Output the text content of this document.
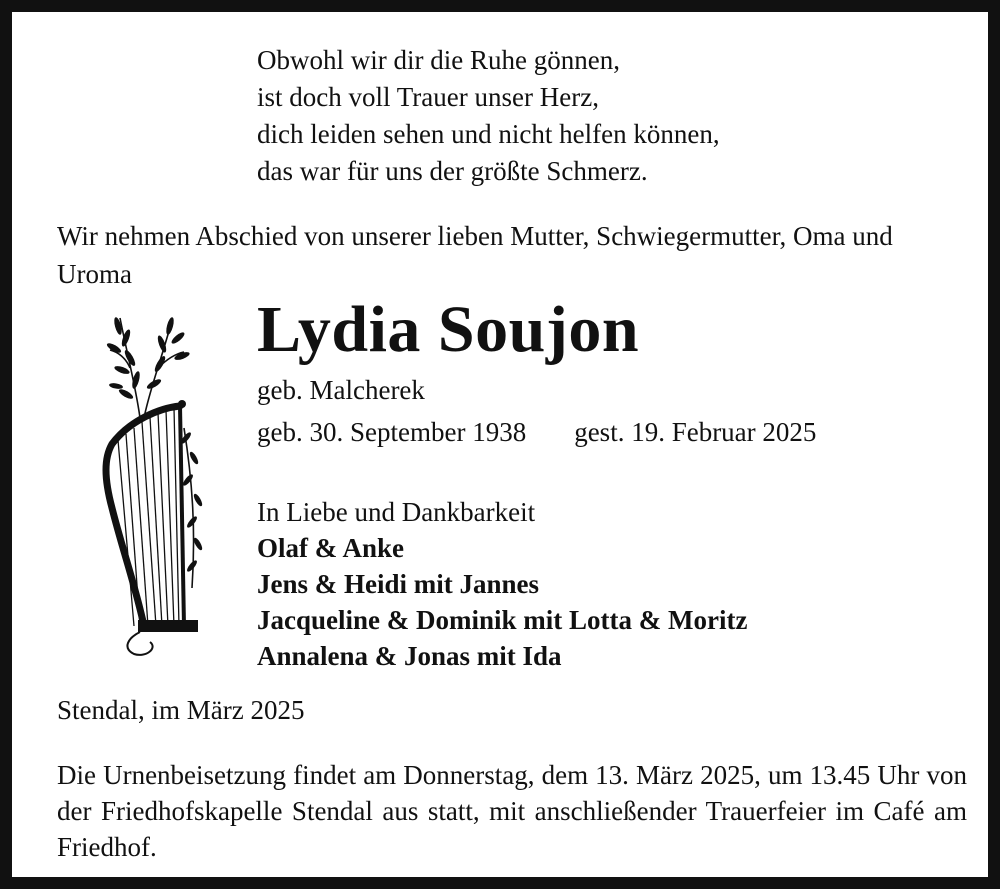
Obwohl wir dir die Ruhe gönnen,
ist doch voll Trauer unser Herz,
dich leiden sehen und nicht helfen können,
das war für uns der größte Schmerz.
Wir nehmen Abschied von unserer lieben Mutter, Schwiegermutter, Oma und Uroma
Lydia Soujon
geb. Malcherek
geb. 30. September 1938 gest. 19. Februar 2025
In Liebe und Dankbarkeit
Olaf & Anke
Jens & Heidi mit Jannes
Jacqueline & Dominik mit Lotta & Moritz
Annalena & Jonas mit Ida
Stendal, im März 2025
Die Urnenbeisetzung findet am Donnerstag, dem 13. März 2025, um 13.45 Uhr von der Friedhofskapelle Stendal aus statt, mit anschließender Trauerfeier im Café am Friedhof.
